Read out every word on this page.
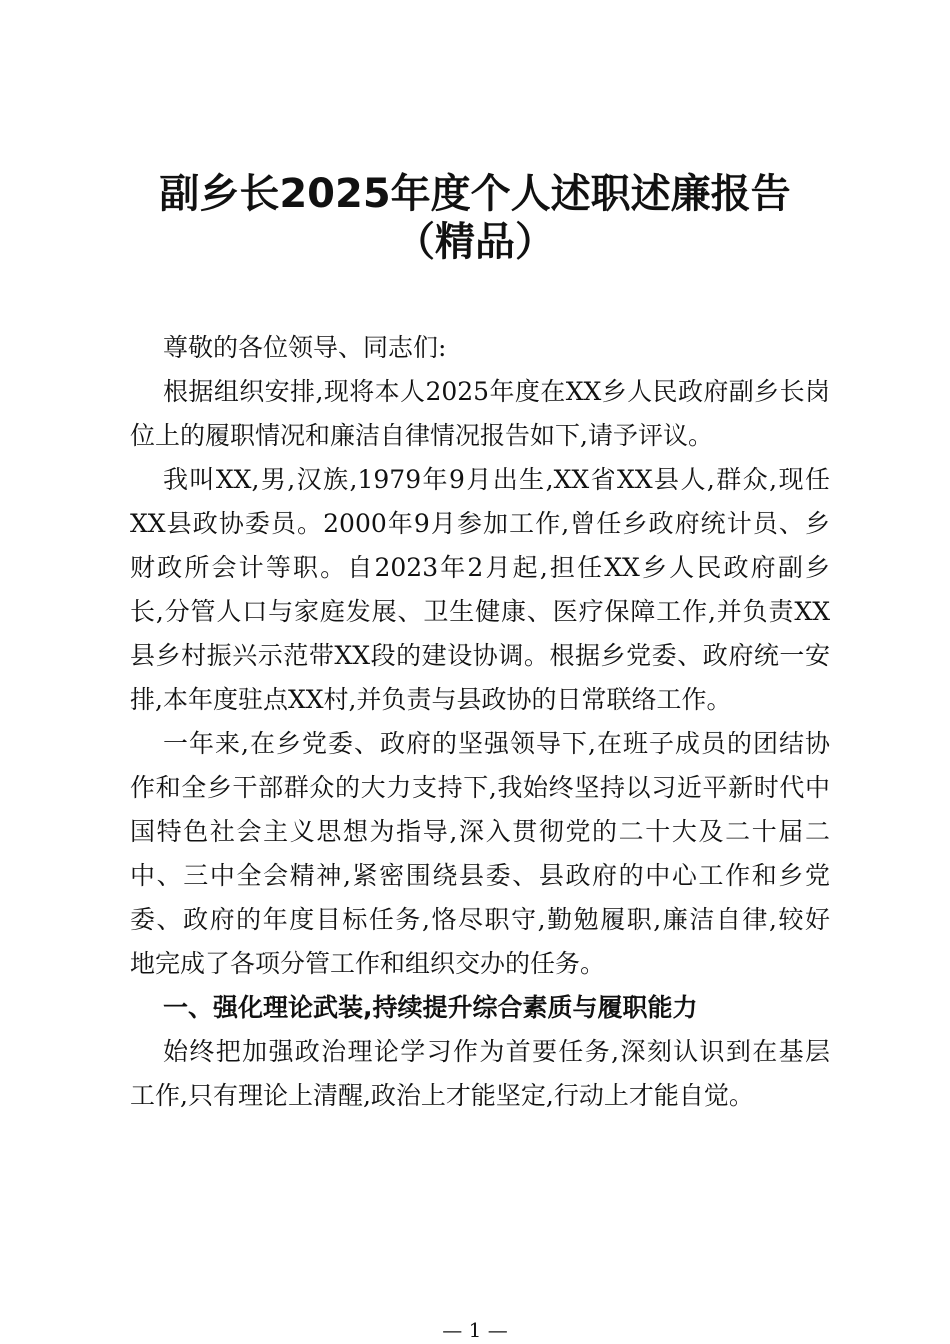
副乡长2025年度个人述职述廉报告
（精品）
尊敬的各位领导、同志们:
根据组织安排,现将本人2025年度在XX乡人民政府副乡长岗
位上的履职情况和廉洁自律情况报告如下,请予评议。
我叫XX,男,汉族,1979年9月出生,XX省XX县人,群众,现任
XX县政协委员。2000年9月参加工作,曾任乡政府统计员、乡
财政所会计等职。自2023年2月起,担任XX乡人民政府副乡
长,分管人口与家庭发展、卫生健康、医疗保障工作,并负责XX
县乡村振兴示范带XX段的建设协调。根据乡党委、政府统一安
排,本年度驻点XX村,并负责与县政协的日常联络工作。
一年来,在乡党委、政府的坚强领导下,在班子成员的团结协
作和全乡干部群众的大力支持下,我始终坚持以习近平新时代中
国特色社会主义思想为指导,深入贯彻党的二十大及二十届二
中、三中全会精神,紧密围绕县委、县政府的中心工作和乡党
委、政府的年度目标任务,恪尽职守,勤勉履职,廉洁自律,较好
地完成了各项分管工作和组织交办的任务。
一、强化理论武装,持续提升综合素质与履职能力
始终把加强政治理论学习作为首要任务,深刻认识到在基层
工作,只有理论上清醒,政治上才能坚定,行动上才能自觉。
— 1 —
